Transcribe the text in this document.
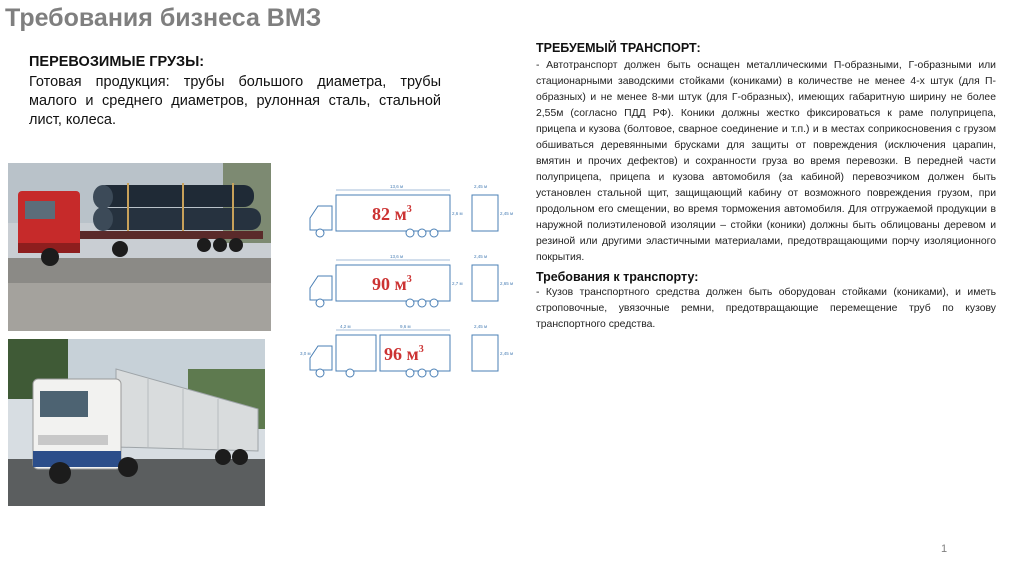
Требования бизнеса ВМЗ
ПЕРЕВОЗИМЫЕ ГРУЗЫ:
Готовая продукция: трубы большого диаметра, трубы малого и среднего диаметров, рулонная сталь, стальной лист, колеса.
13,6 м
82 $м^3$	2,6 м
2,45 м
2,45 м
13,6 м
90 $м^3$	2,7 м
2,45 м
2,65 м
4,2 м	9,6 м
96 $м^3$
3,0 м
2,45 м
2,45 м
ТРЕБУЕМЫЙ ТРАНСПОРТ:

- Автотранспорт должен быть оснащен металлическими П-образными, Г-образными или стационарными заводскими стойками (кониками) в количестве не менее 4-х штук (для П-образных) и не менее 8-ми штук (для Г-образных), имеющих габаритную ширину не более 2,55м (согласно ПДД РФ). Коники должны жестко фиксироваться к раме полуприцепа, прицепа и кузова (болтовое, сварное соединение и т.п.) и в местах соприкосновения с грузом обшиваться деревянными брусками для защиты от повреждения (исключения царапин, вмятин и прочих дефектов) и сохранности груза во время перевозки. В передней части полуприцепа, прицепа и кузова автомобиля (за кабиной) перевозчиком должен быть установлен стальной щит, защищающий кабину от возможного повреждения грузом, при продольном его смещении, во время торможения автомобиля. Для отгружаемой продукции в наружной полиэтиленовой изоляции – стойки (коники) должны быть облицованы деревом и резиной или другими эластичными материалами, предотвращающими порчу изоляционного покрытия.

Требования к транспорту:

- Кузов транспортного средства должен быть оборудован стойками (кониками), и иметь строповочные, увязочные ремни, предотвращающие перемещение труб по кузову транспортного средства.

1
